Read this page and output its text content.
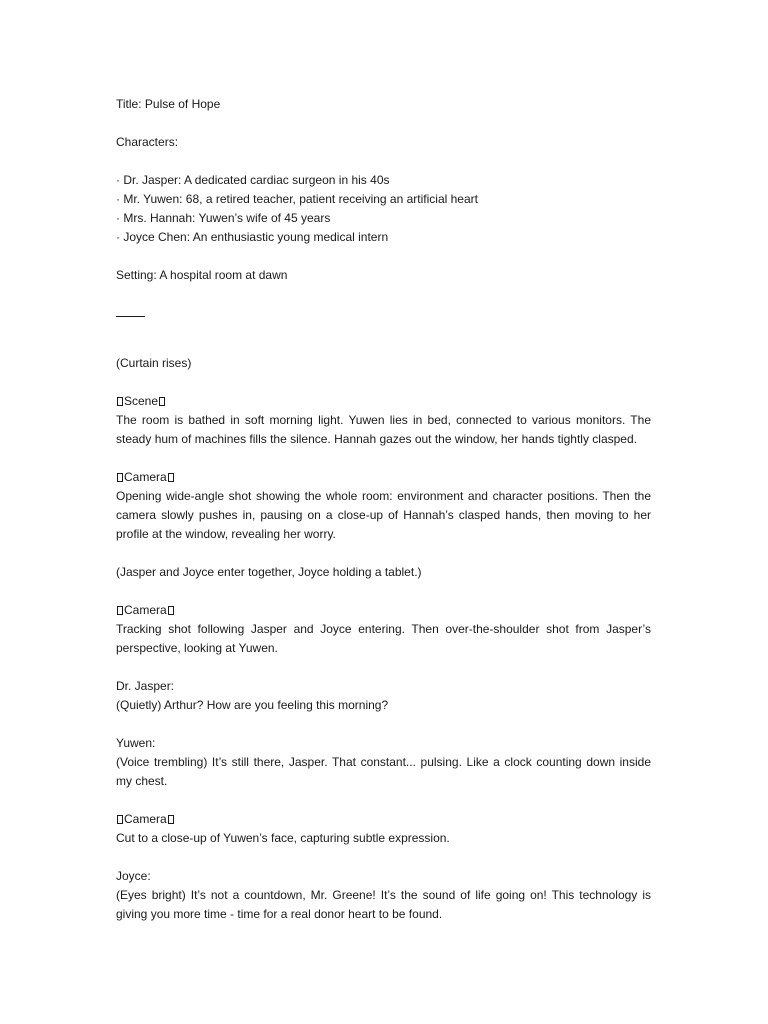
Title: Pulse of Hope

Characters:

· Dr. Jasper: A dedicated cardiac surgeon in his 40s

· Mr. Yuwen: 68, a retired teacher, patient receiving an artificial heart

· Mrs. Hannah: Yuwen’s wife of 45 years

· Joyce Chen: An enthusiastic young medical intern

Setting: A hospital room at dawn

(Curtain rises)

Scene

The room is bathed in soft morning light. Yuwen lies in bed, connected to various monitors. The steady hum of machines fills the silence. Hannah gazes out the window, her hands tightly clasped.

Camera

Opening wide-angle shot showing the whole room: environment and character positions. Then the camera slowly pushes in, pausing on a close-up of Hannah’s clasped hands, then moving to her profile at the window, revealing her worry.

(Jasper and Joyce enter together, Joyce holding a tablet.)

Camera

Tracking shot following Jasper and Joyce entering. Then over-the-shoulder shot from Jasper’s perspective, looking at Yuwen.

Dr. Jasper:

(Quietly) Arthur? How are you feeling this morning?

Yuwen:

(Voice trembling) It’s still there, Jasper. That constant... pulsing. Like a clock counting down inside my chest.

Camera

Cut to a close-up of Yuwen’s face, capturing subtle expression.

Joyce:

(Eyes bright) It’s not a countdown, Mr. Greene! It’s the sound of life going on! This technology is giving you more time - time for a real donor heart to be found.
